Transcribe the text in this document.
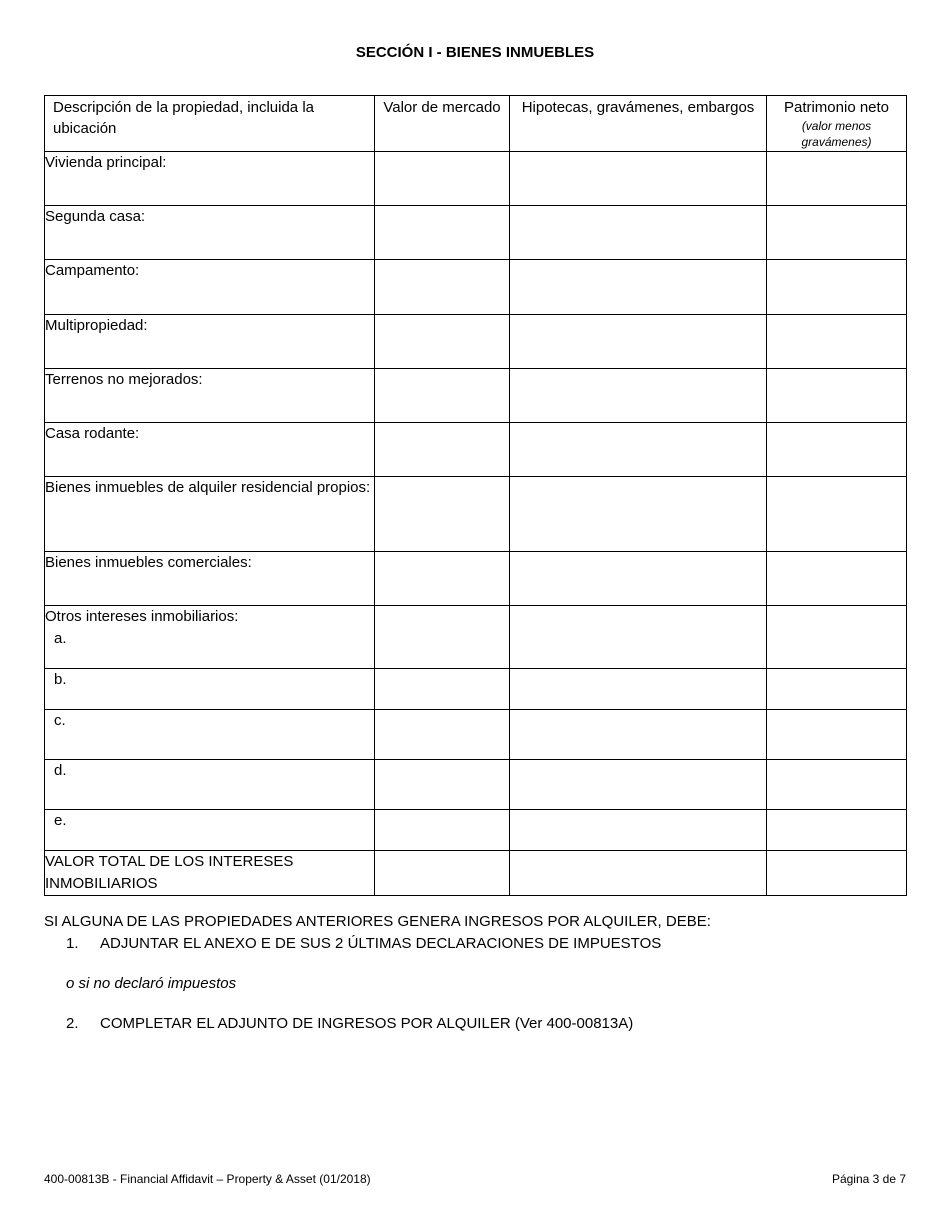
SECCIÓN I - BIENES INMUEBLES
Descripción de la propiedad, incluida la ubicación	Valor de mercado	Hipotecas, gravámenes, embargos	Patrimonio neto
(valor menos gravámenes)

Vivienda principal:			
Segunda casa:			
Campamento:			
Multipropiedad:			
Terrenos no mejorados:			
Casa rodante:			
Bienes inmuebles de alquiler residencial propios:			
Bienes inmuebles comerciales:			
Otros intereses inmobiliarios:
a.			

b.			

c.			

d.			

e.			

VALOR TOTAL DE LOS INTERESES INMOBILIARIOS			
SI ALGUNA DE LAS PROPIEDADES ANTERIORES GENERA INGRESOS POR ALQUILER, DEBE:
1. ADJUNTAR EL ANEXO E DE SUS 2 ÚLTIMAS DECLARACIONES DE IMPUESTOS
o si no declaró impuestos
2. COMPLETAR EL ADJUNTO DE INGRESOS POR ALQUILER (Ver 400-00813A)
400-00813B - Financial Affidavit – Property & Asset (01/2018)	Página 3 de 7
